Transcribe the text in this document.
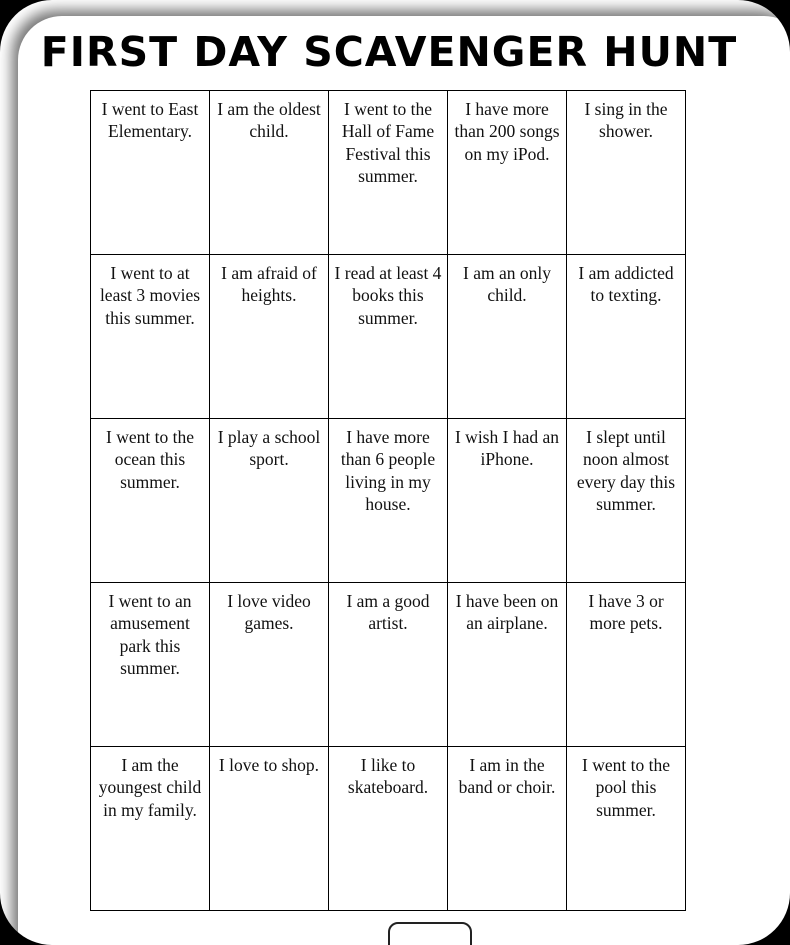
FIRST DAY SCAVENGER HUNT
I went to East Elementary.	I am the oldest child.	I went to the Hall of Fame Festival this summer.	I have more than 200 songs on my iPod.	I sing in the shower.
I went to at least 3 movies this summer.	I am afraid of heights.	I read at least 4 books this summer.	I am an only child.	I am addicted to texting.
I went to the ocean this summer.	I play a school sport.	I have more than 6 people living in my house.	I wish I had an iPhone.	I slept until noon almost every day this summer.
I went to an amusement park this summer.	I love video games.	I am a good artist.	I have been on an airplane.	I have 3 or more pets.
I am the youngest child in my family.	I love to shop.	I like to skateboard.	I am in the band or choir.	I went to the pool this summer.
